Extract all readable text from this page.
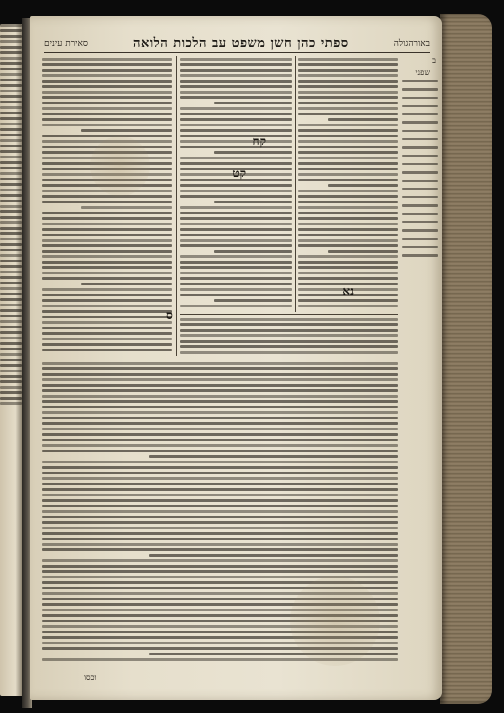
באורהגולה
ספתי כהן חשן משפט עב הלכות הלואה
סאירת עינים
ב
שפני
קח
קט
ס
נא
וכסו
